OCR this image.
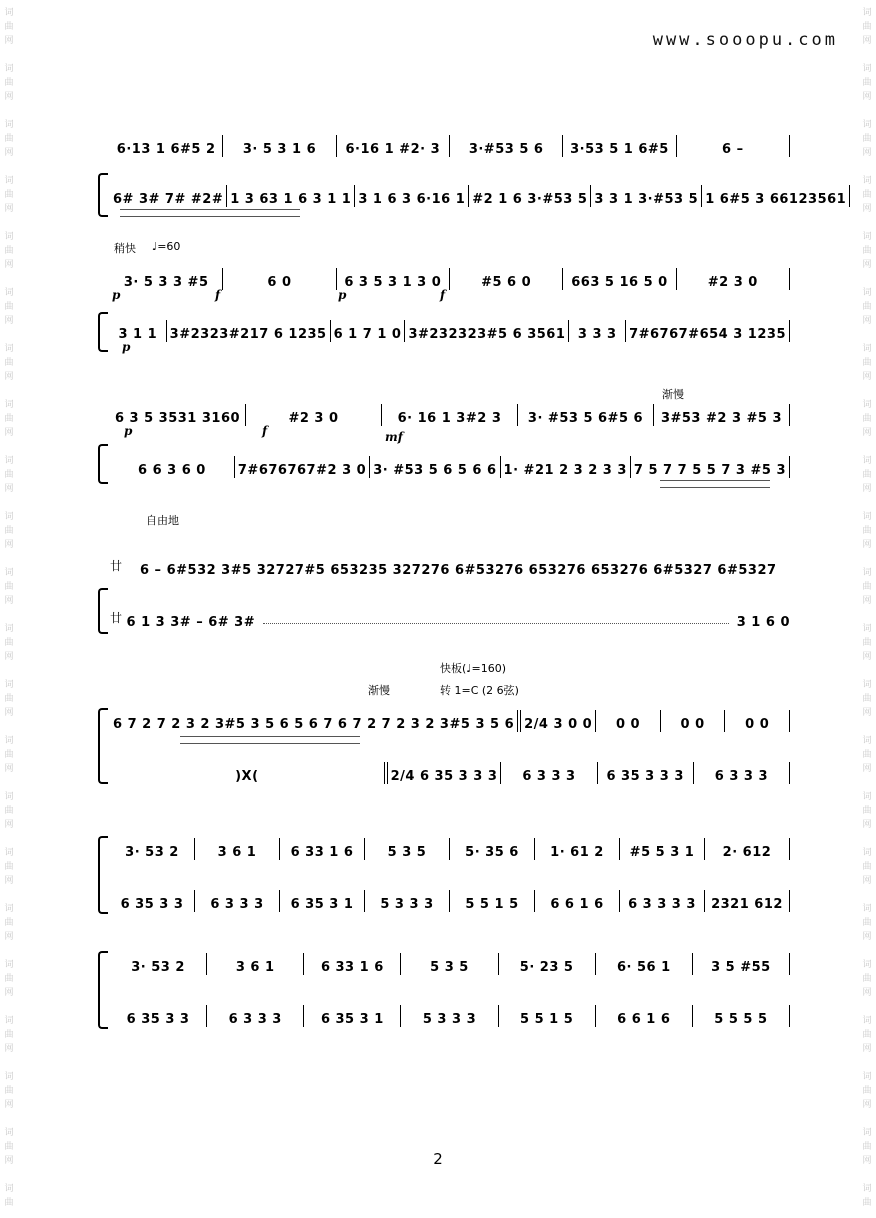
词
曲
网
词
曲
网
词
曲
网
词
曲
网
词
曲
网
词
曲
网
词
曲
网
词
曲
网
词
曲
网
词
曲
网
词
曲
网
词
曲
网
词
曲
网
词
曲
网
词
曲
网
词
曲
网
词
曲
网
词
曲
网
词
曲
网
词
曲
网
词
曲
网
词
曲
词
曲
网
词
曲
网
词
曲
网
词
曲
网
词
曲
网
词
曲
网
词
曲
网
词
曲
网
词
曲
网
词
曲
网
词
曲
网
词
曲
网
词
曲
网
词
曲
网
词
曲
网
词
曲
网
词
曲
网
词
曲
网
词
曲
网
词
曲
网
词
曲
网
词
曲
www.sooopu.com
6·13 1 6#5 2 3· 5 3 1 6 6·16 1 #2· 3 3·#53 5 6 3·53 5 1 6#5	6 –
6# 3# 7# #2# 1 3 63 1 6 3 1 1 3 1 6 3 6·16 1 #2 1 6 3·#53 5 3 3 1 3·#53 5 1 6#5 3 66123561
稍快 ♩=60
3· 5 3 3 #5	6 0	6 3 5 3 1 3 0	#5 6 0	663 5 16 5 0	#2 3 0
p	f	p	f
3 1 1 3#2323#217 6 1235 6 1 7 1 0 3#232323#5 6 3561 3 3 3 7#6767#654 3 1235
p
渐慢
6 3 5 3531 3160	#2 3 0	6· 16 1 3#2 3 3· #53 5 6#5 6 3#53 #2 3 #5 3
p	f	mf
6 6 3 6 0 7#676767#2 3 0 3· #53 5 6 5 6 6 1· #21 2 3 2 3 3 7 5 7 7 5 5 7 3 #5 3
自由地
廿 6 – 6#532 3#5 32727#5 653235 327276 6#53276 653276 653276 6#5327 6#5327
廿 6 1 3 3# – 6# 3#	3 1 6 0
快板(♩=160)
渐慢	转 1=C (2 6弦)
6 7 2 7 2 3 2 3#5 3 5 6 5 6 7 6 7 2 7 2 3 2 3#5 3 5 6 2/4 3 0 0 0 0	0 0	0 0
)X(	2/4 6 35 3 3 3 6 3 3 3 6 35 3 3 3 6 3 3 3
3· 53 2	3 6 1	6 33 1 6	5 3 5	5· 35 6 1· 61 2 #5 5 3 1 2· 612
6 35 3 3 6 3 3 3 6 35 3 1 5 3 3 3 5 5 1 5 6 6 1 6 6 3 3 3 3 2321 612
3· 53 2	3 6 1	6 33 1 6	5 3 5	5· 23 5	6· 56 1	3 5 #55
6 35 3 3	6 3 3 3	6 35 3 1	5 3 3 3	5 5 1 5	6 6 1 6	5 5 5 5
2
